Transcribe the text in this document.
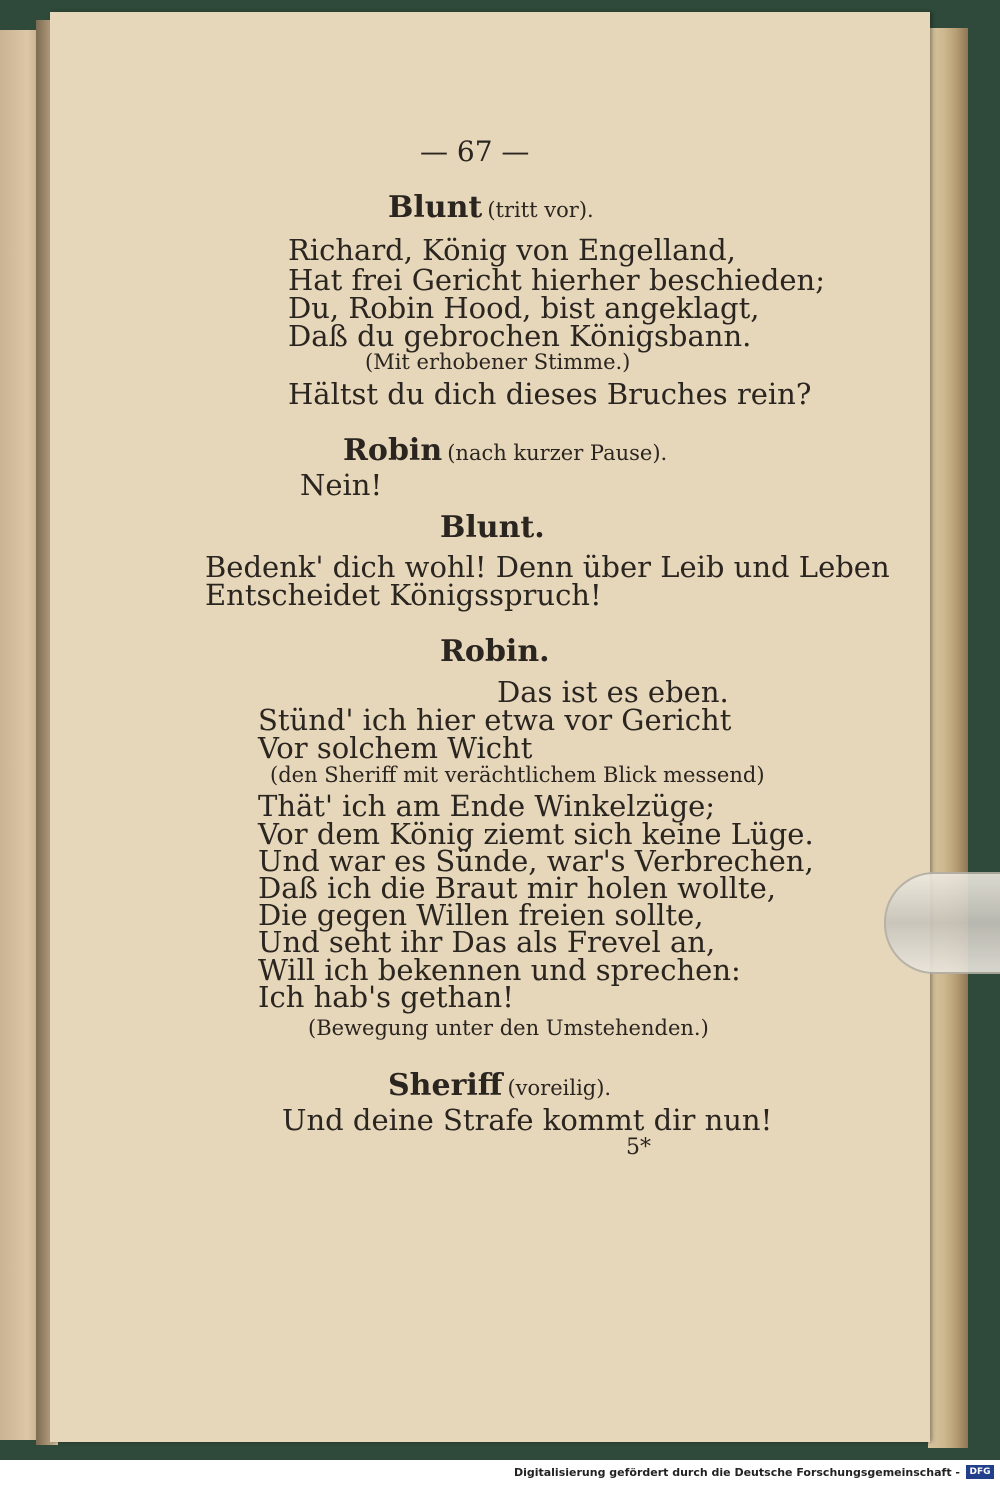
— 67 —
Blunt (tritt vor).
Richard, König von Engelland,
Hat frei Gericht hierher beschieden;
Du, Robin Hood, bist angeklagt,
Daß du gebrochen Königsbann.
(Mit erhobener Stimme.)
Hältst du dich dieses Bruches rein?
Robin (nach kurzer Pause).
Nein!
Blunt.
Bedenk' dich wohl! Denn über Leib und Leben
Entscheidet Königsspruch!
Robin.
Das ist es eben.
Stünd' ich hier etwa vor Gericht
Vor solchem Wicht
(den Sheriff mit verächtlichem Blick messend)
Thät' ich am Ende Winkelzüge;
Vor dem König ziemt sich keine Lüge.
Und war es Sünde, war's Verbrechen,
Daß ich die Braut mir holen wollte,
Die gegen Willen freien sollte,
Und seht ihr Das als Frevel an,
Will ich bekennen und sprechen:
Ich hab's gethan!
(Bewegung unter den Umstehenden.)
Sheriff (voreilig).
Und deine Strafe kommt dir nun!
5*
Digitalisierung gefördert durch die Deutsche Forschungsgemeinschaft -	DFG
